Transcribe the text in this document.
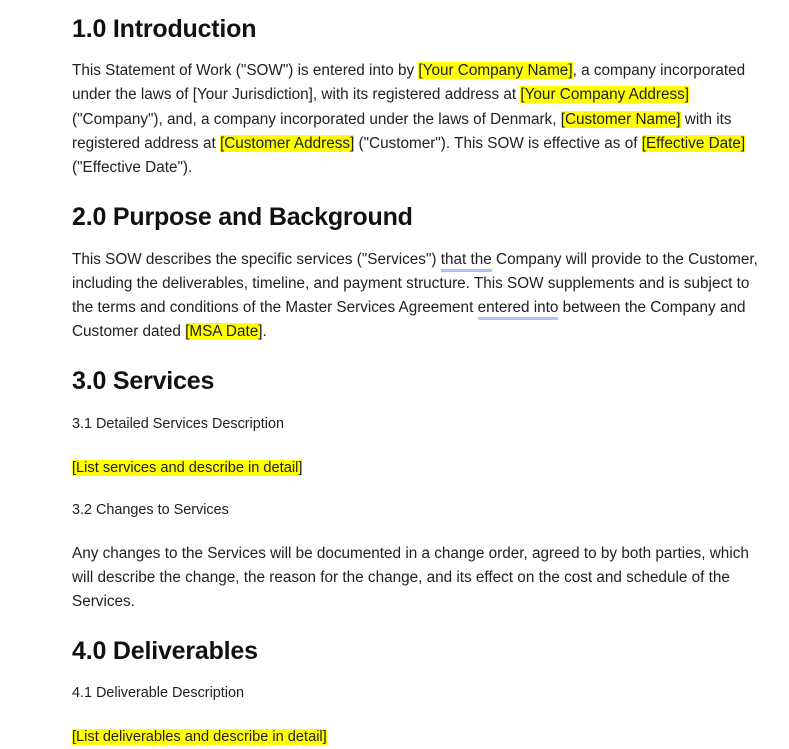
1.0 Introduction

This Statement of Work ("SOW") is entered into by [Your Company Name], a company incorporated under the laws of [Your Jurisdiction], with its registered address at [Your Company Address] ("Company"), and, a company incorporated under the laws of Denmark, [Customer Name] with its registered address at [Customer Address] ("Customer"). This SOW is effective as of [Effective Date] ("Effective Date").

2.0 Purpose and Background

This SOW describes the specific services ("Services") that the Company will provide to the Customer, including the deliverables, timeline, and payment structure. This SOW supplements and is subject to the terms and conditions of the Master Services Agreement entered into between the Company and Customer dated [MSA Date].

3.0 Services

3.1 Detailed Services Description

[List services and describe in detail]

3.2 Changes to Services

Any changes to the Services will be documented in a change order, agreed to by both parties, which will describe the change, the reason for the change, and its effect on the cost and schedule of the Services.

4.0 Deliverables

4.1 Deliverable Description

[List deliverables and describe in detail]
